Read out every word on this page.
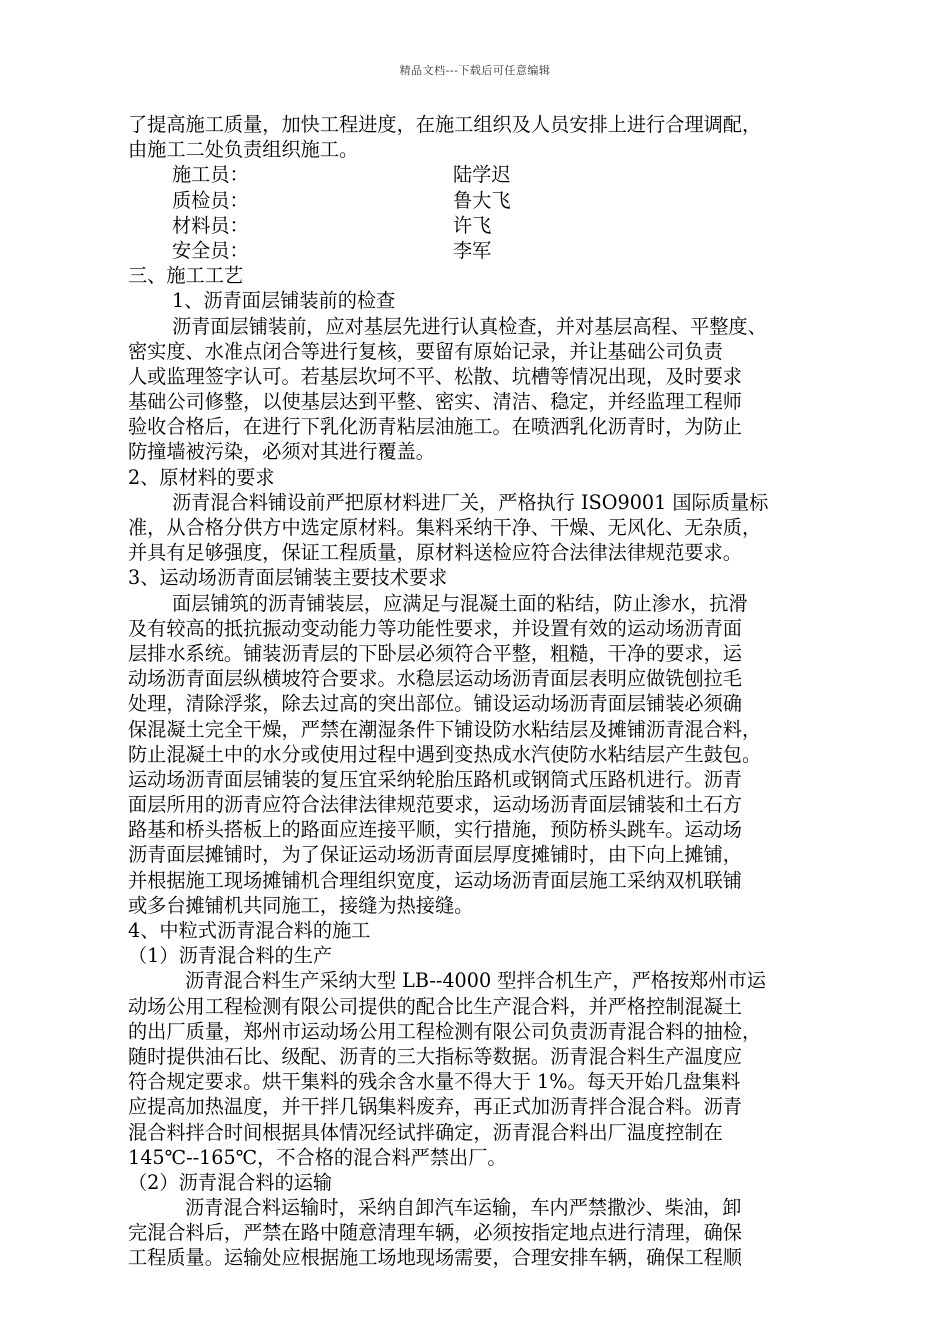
精品文档---下载后可任意编辑
了提高施工质量，加快工程进度，在施工组织及人员安排上进行合理调配，
由施工二处负责组织施工。
施工员：	陆学迟
质检员：	鲁大飞
材料员：	许飞
安全员：	李军
三、施工工艺
1、沥青面层铺装前的检查
沥青面层铺装前，应对基层先进行认真检查，并对基层高程、平整度、
密实度、水准点闭合等进行复核，要留有原始记录，并让基础公司负责
人或监理签字认可。若基层坎坷不平、松散、坑槽等情况出现，及时要求
基础公司修整，以使基层达到平整、密实、清洁、稳定，并经监理工程师
验收合格后，在进行下乳化沥青粘层油施工。在喷洒乳化沥青时，为防止
防撞墙被污染，必须对其进行覆盖。
2、原材料的要求
沥青混合料铺设前严把原材料进厂关，严格执行 ISO9001 国际质量标
准，从合格分供方中选定原材料。集料采纳干净、干燥、无风化、无杂质，
并具有足够强度，保证工程质量，原材料送检应符合法律法律规范要求。
3、运动场沥青面层铺装主要技术要求
面层铺筑的沥青铺装层，应满足与混凝土面的粘结，防止渗水，抗滑
及有较高的抵抗振动变动能力等功能性要求，并设置有效的运动场沥青面
层排水系统。铺装沥青层的下卧层必须符合平整，粗糙，干净的要求，运
动场沥青面层纵横坡符合要求。水稳层运动场沥青面层表明应做铣刨拉毛
处理，清除浮浆，除去过高的突出部位。铺设运动场沥青面层铺装必须确
保混凝土完全干燥，严禁在潮湿条件下铺设防水粘结层及摊铺沥青混合料，
防止混凝土中的水分或使用过程中遇到变热成水汽使防水粘结层产生鼓包。
运动场沥青面层铺装的复压宜采纳轮胎压路机或钢筒式压路机进行。沥青
面层所用的沥青应符合法律法律规范要求，运动场沥青面层铺装和土石方
路基和桥头搭板上的路面应连接平顺，实行措施，预防桥头跳车。运动场
沥青面层摊铺时，为了保证运动场沥青面层厚度摊铺时，由下向上摊铺，
并根据施工现场摊铺机合理组织宽度，运动场沥青面层施工采纳双机联铺
或多台摊铺机共同施工，接缝为热接缝。
4、中粒式沥青混合料的施工
（1）沥青混合料的生产
沥青混合料生产采纳大型 LB--4000 型拌合机生产，严格按郑州市运
动场公用工程检测有限公司提供的配合比生产混合料，并严格控制混凝土
的出厂质量，郑州市运动场公用工程检测有限公司负责沥青混合料的抽检，
随时提供油石比、级配、沥青的三大指标等数据。沥青混合料生产温度应
符合规定要求。烘干集料的残余含水量不得大于 1%。每天开始几盘集料
应提高加热温度，并干拌几锅集料废弃，再正式加沥青拌合混合料。沥青
混合料拌合时间根据具体情况经试拌确定，沥青混合料出厂温度控制在
145℃--165℃，不合格的混合料严禁出厂。
（2）沥青混合料的运输
沥青混合料运输时，采纳自卸汽车运输，车内严禁撒沙、柴油，卸
完混合料后，严禁在路中随意清理车辆，必须按指定地点进行清理，确保
工程质量。运输处应根据施工场地现场需要，合理安排车辆，确保工程顺
